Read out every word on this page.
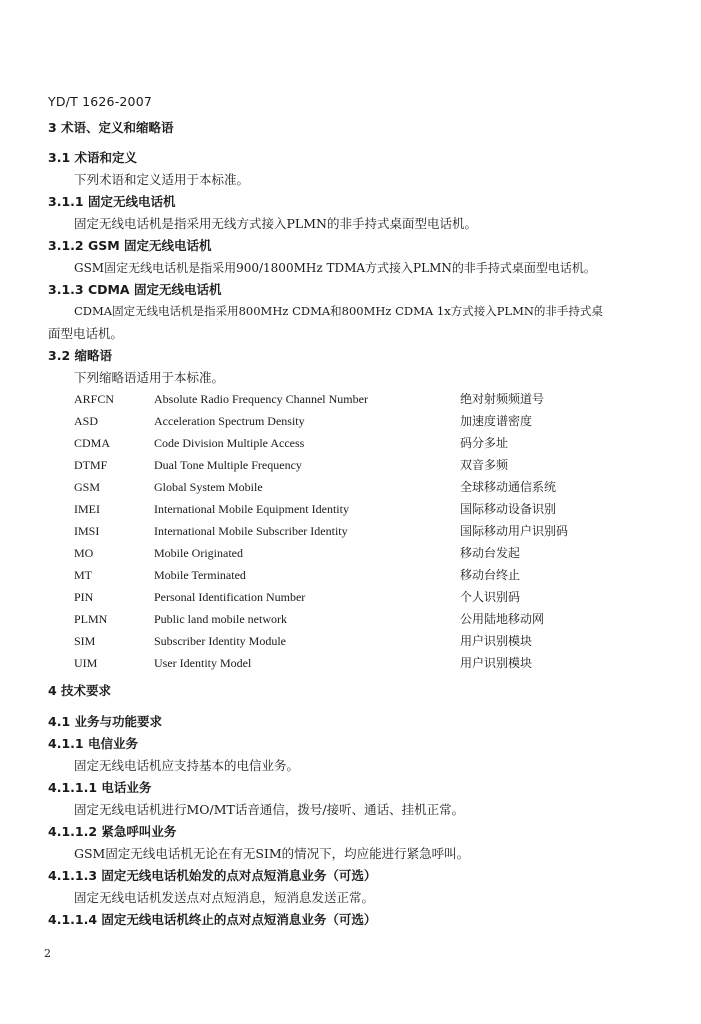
YD/T 1626-2007
3 术语、定义和缩略语
3.1 术语和定义
下列术语和定义适用于本标准。
3.1.1 固定无线电话机
固定无线电话机是指采用无线方式接入PLMN的非手持式桌面型电话机。
3.1.2 GSM 固定无线电话机
GSM固定无线电话机是指采用900/1800MHz TDMA方式接入PLMN的非手持式桌面型电话机。
3.1.3 CDMA 固定无线电话机
CDMA固定无线电话机是指采用800MHz CDMA和800MHz CDMA 1x方式接入PLMN的非手持式桌
面型电话机。
3.2 缩略语
下列缩略语适用于本标准。
ARFCN	Absolute Radio Frequency Channel Number	绝对射频频道号
ASD	Acceleration Spectrum Density	加速度谱密度
CDMA	Code Division Multiple Access	码分多址
DTMF	Dual Tone Multiple Frequency	双音多频
GSM	Global System Mobile	全球移动通信系统
IMEI	International Mobile Equipment Identity	国际移动设备识别
IMSI	International Mobile Subscriber Identity	国际移动用户识别码
MO	Mobile Originated	移动台发起
MT	Mobile Terminated	移动台终止
PIN	Personal Identification Number	个人识别码
PLMN	Public land mobile network	公用陆地移动网
SIM	Subscriber Identity Module	用户识别模块
UIM	User Identity Model	用户识别模块
4 技术要求
4.1 业务与功能要求
4.1.1 电信业务
固定无线电话机应支持基本的电信业务。
4.1.1.1 电话业务
固定无线电话机进行MO/MT话音通信，拨号/接听、通话、挂机正常。
4.1.1.2 紧急呼叫业务
GSM固定无线电话机无论在有无SIM的情况下，均应能进行紧急呼叫。
4.1.1.3 固定无线电话机始发的点对点短消息业务（可选）
固定无线电话机发送点对点短消息，短消息发送正常。
4.1.1.4 固定无线电话机终止的点对点短消息业务（可选）
2
